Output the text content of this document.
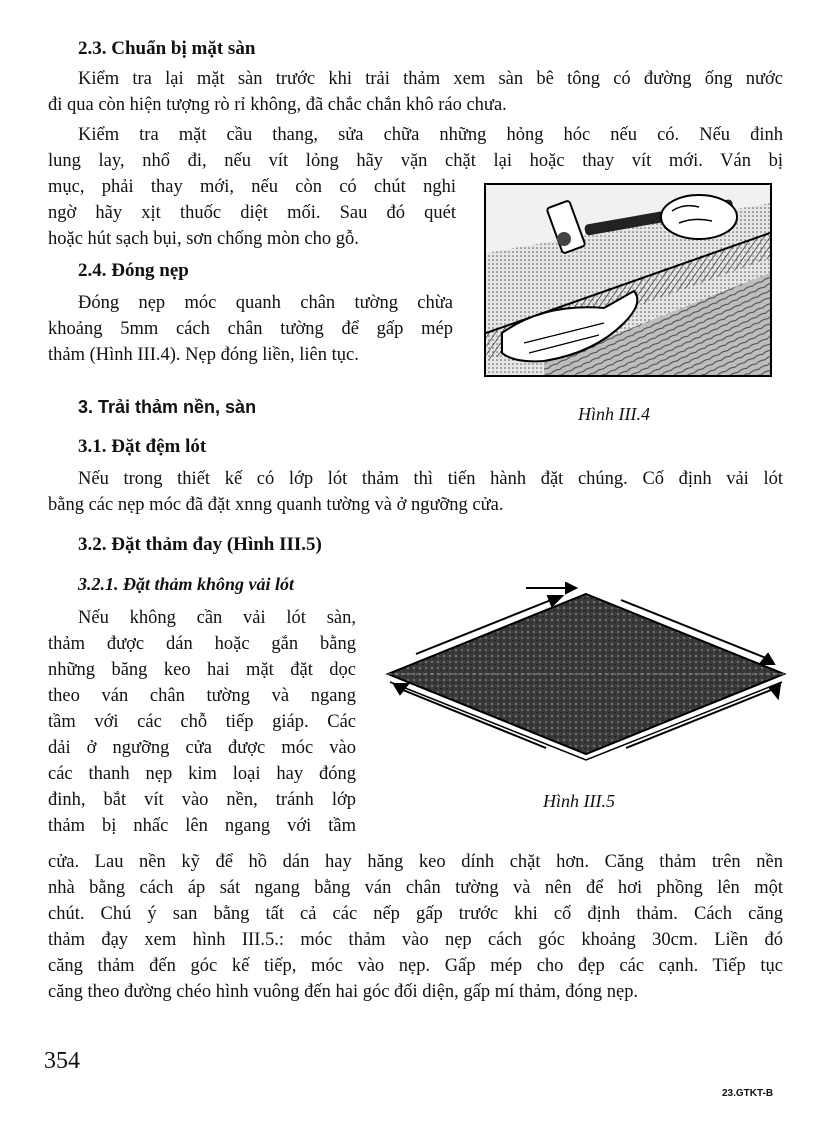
2.3. Chuẩn bị mặt sàn
Kiểm tra lại mặt sàn trước khi trải thảm xem sàn bê tông có đường ống nước
đi qua còn hiện tượng rò rỉ không, đã chắc chắn khô ráo chưa.
Kiểm tra mặt cầu thang, sửa chữa những hỏng hóc nếu có. Nếu đinh
lung lay, nhổ đi, nếu vít lỏng hãy vặn chặt lại hoặc thay vít mới. Ván bị
mục, phải thay mới, nếu còn có chút nghi
ngờ hãy xịt thuốc diệt mối. Sau đó quét
hoặc hút sạch bụi, sơn chống mòn cho gỗ.
2.4. Đóng nẹp
Đóng nẹp móc quanh chân tường chừa
khoảng 5mm cách chân tường để gấp mép
thảm (Hình III.4). Nẹp đóng liền, liên tục.
Hình III.4
3. Trải thảm nền, sàn
3.1. Đặt đệm lót
Nếu trong thiết kế có lớp lót thảm thì tiến hành đặt chúng. Cố định vải lót
bằng các nẹp móc đã đặt xnng quanh tường và ở ngưỡng cửa.
3.2. Đặt thảm đay (Hình III.5)
3.2.1. Đặt thảm không vải lót
Nếu không cần vải lót sàn,
thảm được dán hoặc gắn bằng
những băng keo hai mặt đặt dọc
theo ván chân tường và ngang
tầm với các chỗ tiếp giáp. Các
dải ở ngưỡng cửa được móc vào
các thanh nẹp kim loại hay đóng
đinh, bắt vít vào nền, tránh lớp
thảm bị nhấc lên ngang với tầm
cửa. Lau nền kỹ để hồ dán hay hăng keo dính chặt hơn. Căng thảm trên nền
nhà bằng cách áp sát ngang bằng ván chân tường và nên để hơi phồng lên một
chút. Chú ý san bằng tất cả các nếp gấp trước khi cố định thảm. Cách căng
thảm đạy xem hình III.5.: móc thảm vào nẹp cách góc khoảng 30cm. Liền đó
căng thảm đến góc kế tiếp, móc vào nẹp. Gấp mép cho đẹp các cạnh. Tiếp tục
căng theo đường chéo hình vuông đến hai góc đối diện, gấp mí thảm, đóng nẹp.
Hình III.5
354
23.GTKT-B
